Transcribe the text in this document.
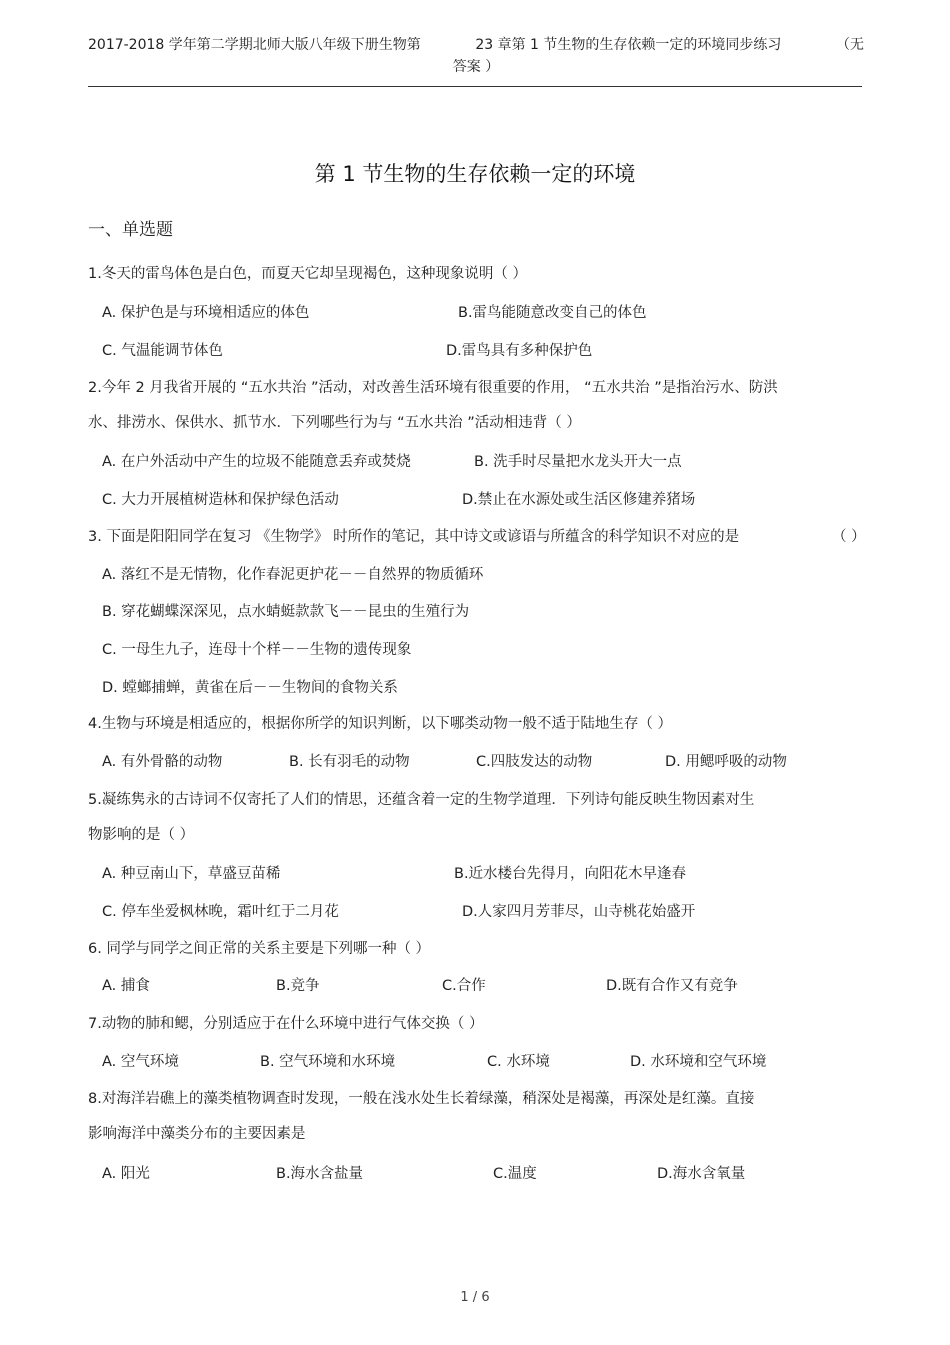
2017-2018 学年第二学期北师大版八年级下册生物第	23 章第 1 节生物的生存依赖一定的环境同步练习	（无
答案 ）
第 1 节生物的生存依赖一定的环境
一、单选题
1.冬天的雷鸟体色是白色，而夏天它却呈现褐色，这种现象说明（ ）
A. 保护色是与环境相适应的体色	B.雷鸟能随意改变自己的体色
C. 气温能调节体色	D.雷鸟具有多种保护色
2.今年 2 月我省开展的 “五水共治 ”活动，对改善生活环境有很重要的作用， “五水共治 ”是指治污水、防洪
水、排涝水、保供水、抓节水．下列哪些行为与 “五水共治 ”活动相违背（ ）
A. 在户外活动中产生的垃圾不能随意丢弃或焚烧	B. 洗手时尽量把水龙头开大一点
C. 大力开展植树造林和保护绿色活动	D.禁止在水源处或生活区修建养猪场
3. 下面是阳阳同学在复习 《生物学》 时所作的笔记，其中诗文或谚语与所蕴含的科学知识不对应的是	（ ）
A. 落红不是无情物，化作春泥更护花－－自然界的物质循环
B. 穿花蝴蝶深深见，点水蜻蜓款款飞－－昆虫的生殖行为
C. 一母生九子，连母十个样－－生物的遗传现象
D. 螳螂捕蝉，黄雀在后－－生物间的食物关系
4.生物与环境是相适应的，根据你所学的知识判断，以下哪类动物一般不适于陆地生存（ ）
A. 有外骨骼的动物	B. 长有羽毛的动物	C.四肢发达的动物	D. 用鳃呼吸的动物
5.凝练隽永的古诗词不仅寄托了人们的情思，还蕴含着一定的生物学道理．下列诗句能反映生物因素对生
物影响的是（ ）
A. 种豆南山下，草盛豆苗稀	B.近水楼台先得月，向阳花木早逢春
C. 停车坐爱枫林晚，霜叶红于二月花	D.人家四月芳菲尽，山寺桃花始盛开
6. 同学与同学之间正常的关系主要是下列哪一种（ ）
A. 捕食	B.竞争	C.合作	D.既有合作又有竞争
7.动物的肺和鳃，分别适应于在什么环境中进行气体交换（ ）
A. 空气环境	B. 空气环境和水环境	C. 水环境	D. 水环境和空气环境
8.对海洋岩礁上的藻类植物调查时发现，一般在浅水处生长着绿藻，稍深处是褐藻，再深处是红藻。直接
影响海洋中藻类分布的主要因素是
A. 阳光	B.海水含盐量	C.温度	D.海水含氧量
1 / 6
